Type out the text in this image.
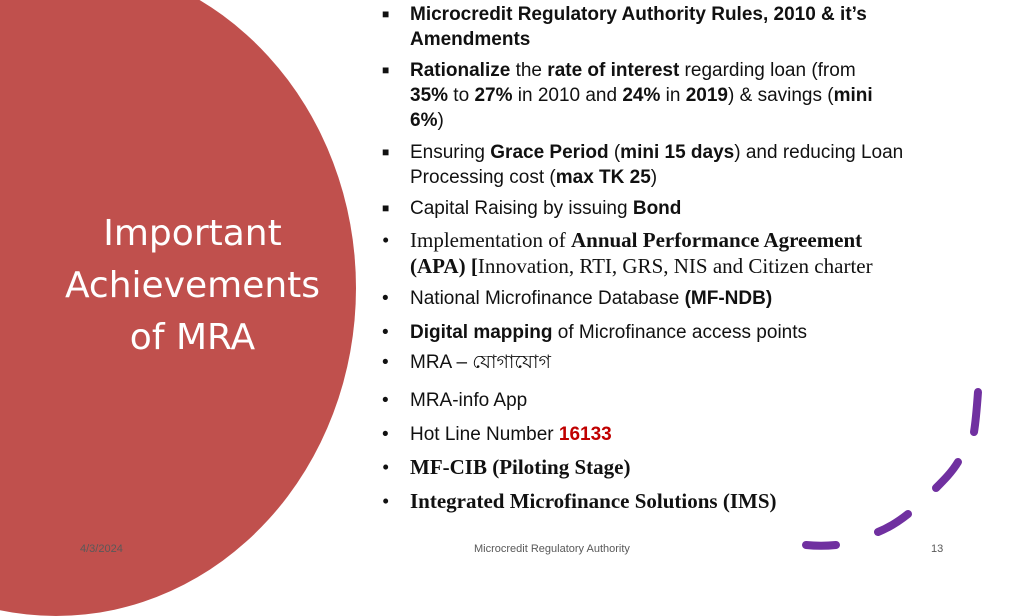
Important
Achievements
of MRA
■	Microcredit Regulatory Authority Rules, 2010 & it’s
Amendments
■	Rationalize the rate of interest regarding loan (from
35% to 27% in 2010 and 24% in 2019) & savings (mini
6%)
■	Ensuring Grace Period (mini 15 days) and reducing Loan
Processing cost (max TK 25)
■	Capital Raising by issuing Bond
• Implementation of Annual Performance Agreement
(APA) [Innovation, RTI, GRS, NIS and Citizen charter
•	National Microfinance Database (MF-NDB)
•	Digital mapping of Microfinance access points
•	MRA – যোগাযোগ
•	MRA-info App
•	Hot Line Number 16133
• MF-CIB (Piloting Stage)
• Integrated Microfinance Solutions (IMS)
4/3/2024	Microcredit Regulatory Authority	13
